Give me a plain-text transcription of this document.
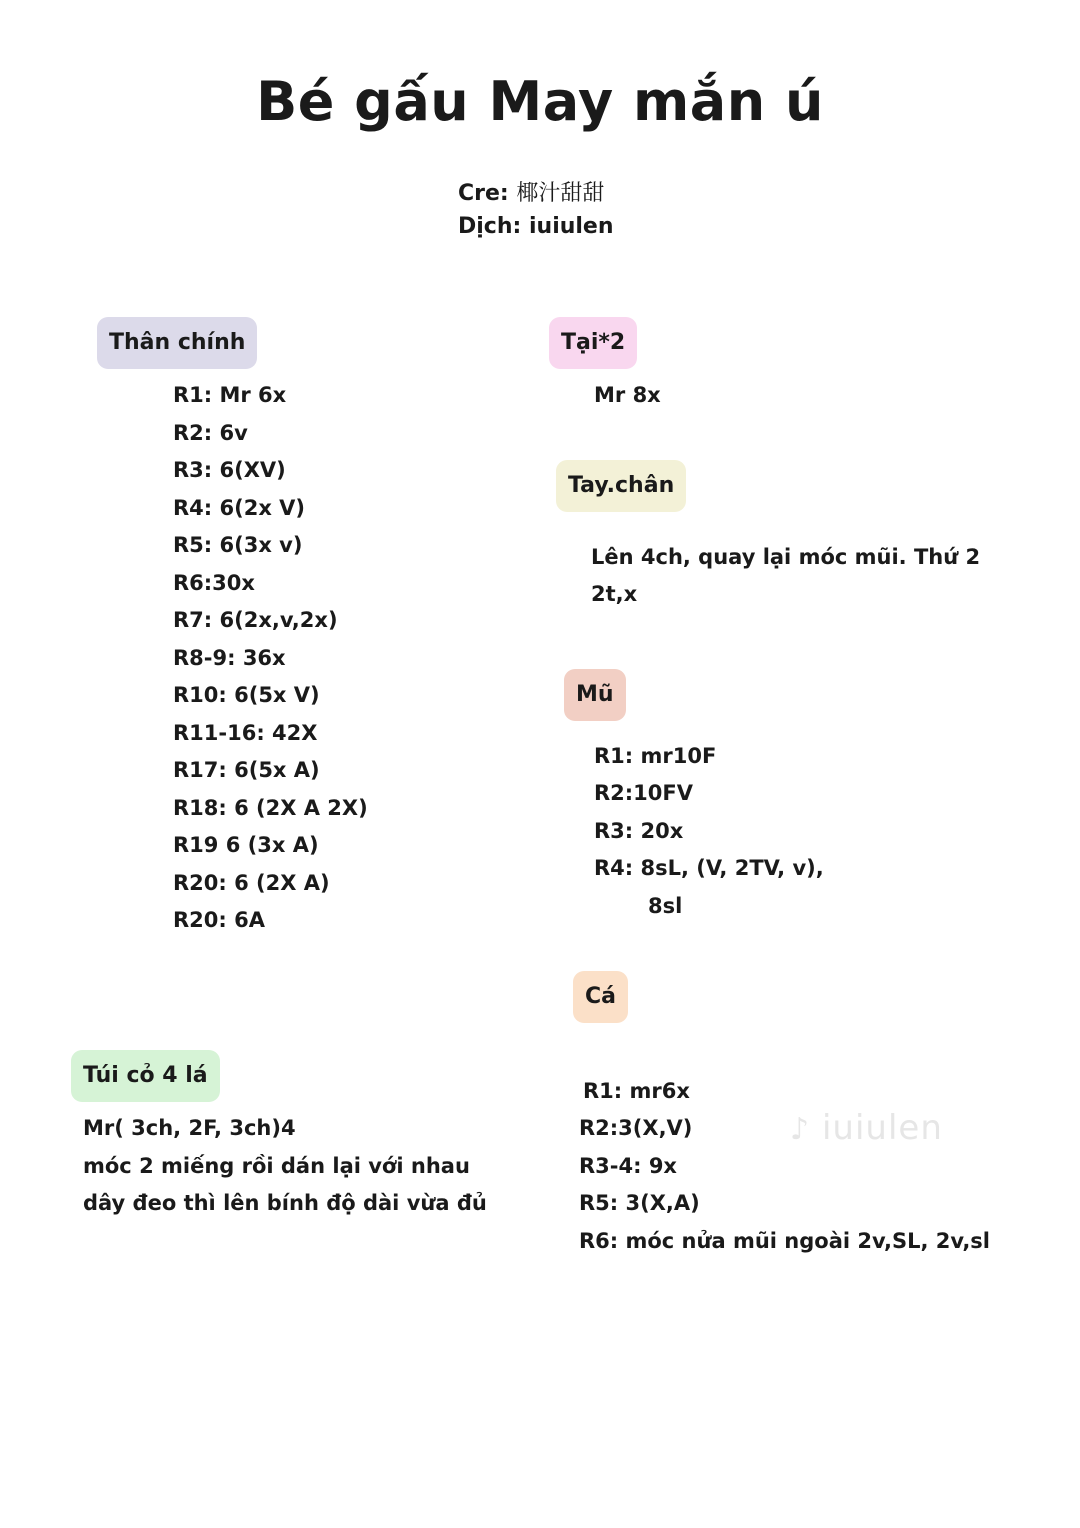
Bé gấu May mắn ú
Cre: 椰汁甜甜
Dịch: iuiulen
Thân chính
R1: Mr 6x
R2: 6v
R3: 6(XV)
R4: 6(2x V)
R5: 6(3x v)
R6:30x
R7: 6(2x,v,2x)
R8-9: 36x
R10: 6(5x V)
R11-16: 42X
R17: 6(5x A)
R18: 6 (2X A 2X)
R19 6 (3x A)
R20: 6 (2X A)
R20: 6A
Tại*2
Mr 8x
Tay.chân
Lên 4ch, quay lại móc mũi. Thứ 2
2t,x
Mũ
R1: mr10F
R2:10FV
R3: 20x
R4: 8sL, (V, 2TV, v),
8sl
Cá
R1: mr6x
R2:3(X,V)
R3-4: 9x
R5: 3(X,A)
R6: móc nửa mũi ngoài 2v,SL, 2v,sl
Túi cỏ 4 lá
Mr( 3ch, 2F, 3ch)4
móc 2 miếng rồi dán lại với nhau
dây đeo thì lên bính độ dài vừa đủ
♪ iuiulen
